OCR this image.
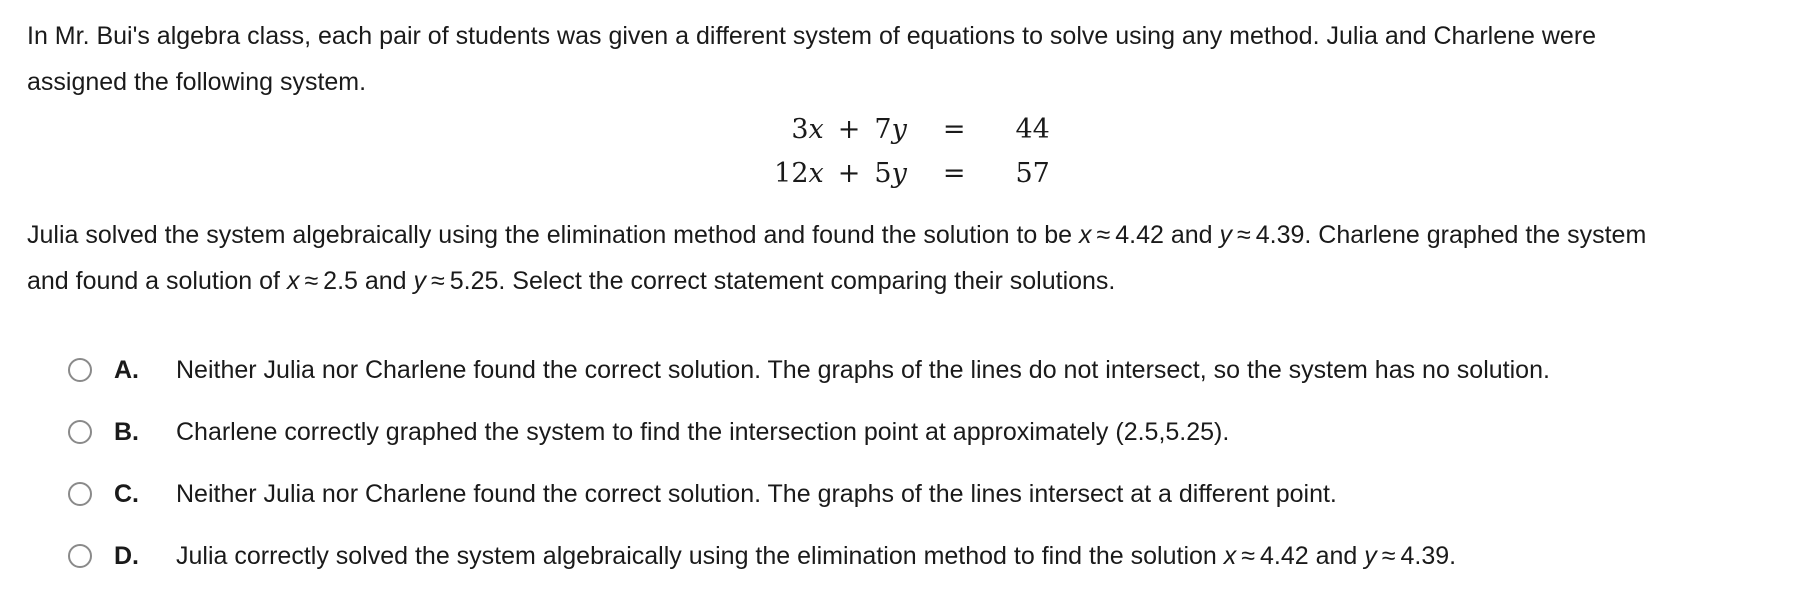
In Mr. Bui's algebra class, each pair of students was given a different system of equations to solve using any method. Julia and Charlene were
assigned the following system.
3x + 7y = 44
12x + 5y = 57
Julia solved the system algebraically using the elimination method and found the solution to be x ≈ 4.42 and y ≈ 4.39. Charlene graphed the system
and found a solution of x ≈ 2.5 and y ≈ 5.25. Select the correct statement comparing their solutions.
A.	Neither Julia nor Charlene found the correct solution. The graphs of the lines do not intersect, so the system has no solution.
B.	Charlene correctly graphed the system to find the intersection point at approximately (2.5,5.25).
C.	Neither Julia nor Charlene found the correct solution. The graphs of the lines intersect at a different point.
D.	Julia correctly solved the system algebraically using the elimination method to find the solution x ≈ 4.42 and y ≈ 4.39.
